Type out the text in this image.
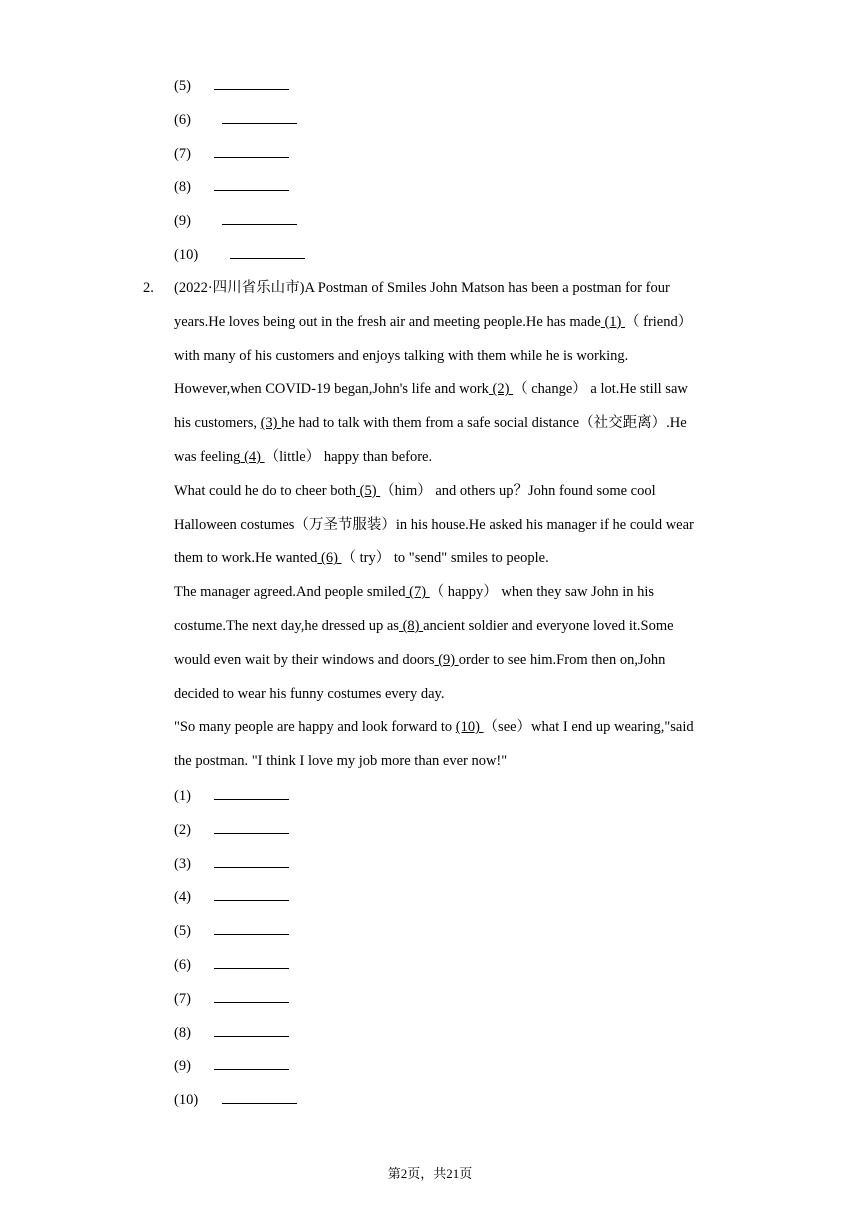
(5)
(6)
(7)
(8)
(9)
(10)
2. (2022·四川省乐山市)A Postman of Smiles John Matson has been a postman for four
years.He loves being out in the fresh air and meeting people.He has made (1) （ friend）
with many of his customers and enjoys talking with them while he is working.
However,when COVID-19 began,John's life and work (2) （ change） a lot.He still saw
his customers, (3) he had to talk with them from a safe social distance（社交距离）.He
was feeling (4) （little） happy than before.
What could he do to cheer both (5) （him） and others up？John found some cool
Halloween costumes（万圣节服装）in his house.He asked his manager if he could wear
them to work.He wanted (6) （ try） to "send" smiles to people.
The manager agreed.And people smiled (7) （ happy） when they saw John in his
costume.The next day,he dressed up as (8) ancient soldier and everyone loved it.Some
would even wait by their windows and doors (9) order to see him.From then on,John
decided to wear his funny costumes every day.
"So many people are happy and look forward to (10) （see）what I end up wearing,"said
the postman. "I think I love my job more than ever now!"
(1)
(2)
(3)
(4)
(5)
(6)
(7)
(8)
(9)
(10)
第2页，共21页
